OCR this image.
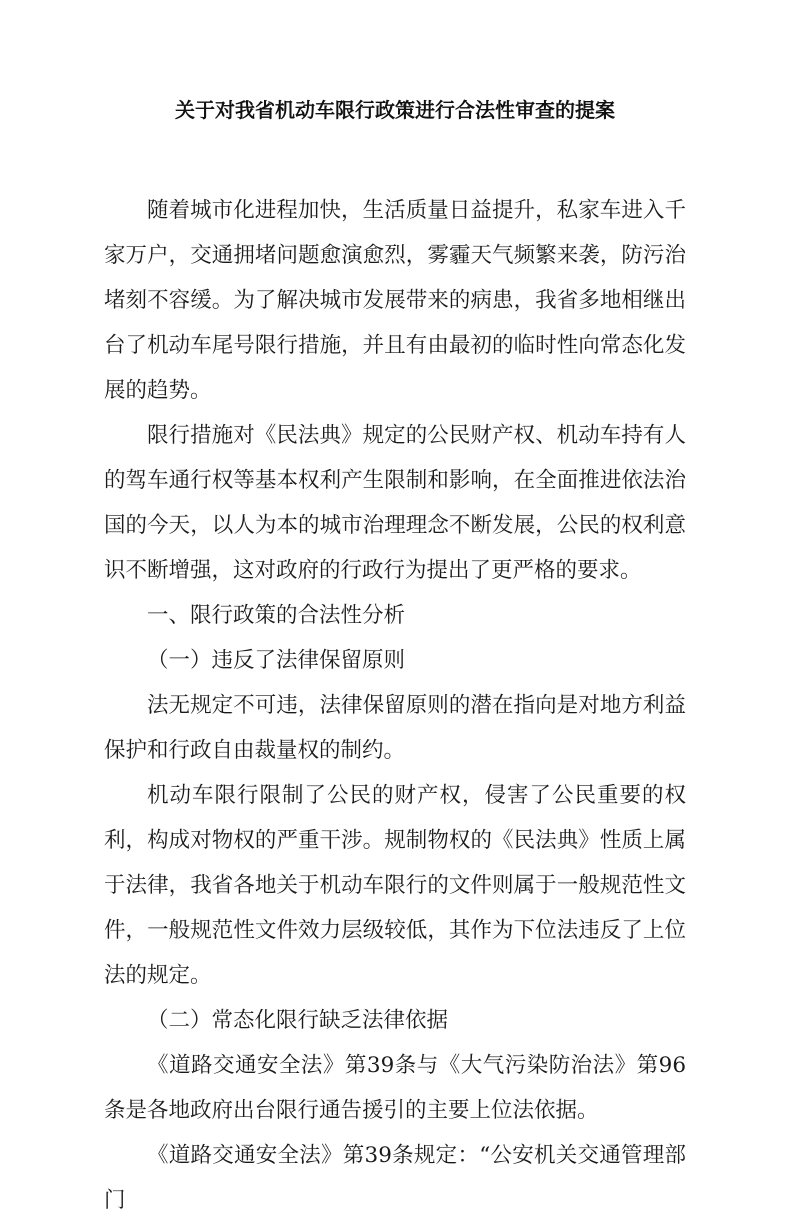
关于对我省机动车限行政策进行合法性审查的提案

随着城市化进程加快，生活质量日益提升，私家车进入千家万户，交通拥堵问题愈演愈烈，雾霾天气频繁来袭，防污治堵刻不容缓。为了解决城市发展带来的病患，我省多地相继出台了机动车尾号限行措施，并且有由最初的临时性向常态化发展的趋势。

限行措施对《民法典》规定的公民财产权、机动车持有人的驾车通行权等基本权利产生限制和影响，在全面推进依法治国的今天，以人为本的城市治理理念不断发展，公民的权利意识不断增强，这对政府的行政行为提出了更严格的要求。

一、限行政策的合法性分析

（一）违反了法律保留原则

法无规定不可违，法律保留原则的潜在指向是对地方利益保护和行政自由裁量权的制约。

机动车限行限制了公民的财产权，侵害了公民重要的权利，构成对物权的严重干涉。规制物权的《民法典》性质上属于法律，我省各地关于机动车限行的文件则属于一般规范性文件，一般规范性文件效力层级较低，其作为下位法违反了上位法的规定。

（二）常态化限行缺乏法律依据

《道路交通安全法》第39条与《大气污染防治法》第96条是各地政府出台限行通告援引的主要上位法依据。

《道路交通安全法》第39条规定：“公安机关交通管理部门
